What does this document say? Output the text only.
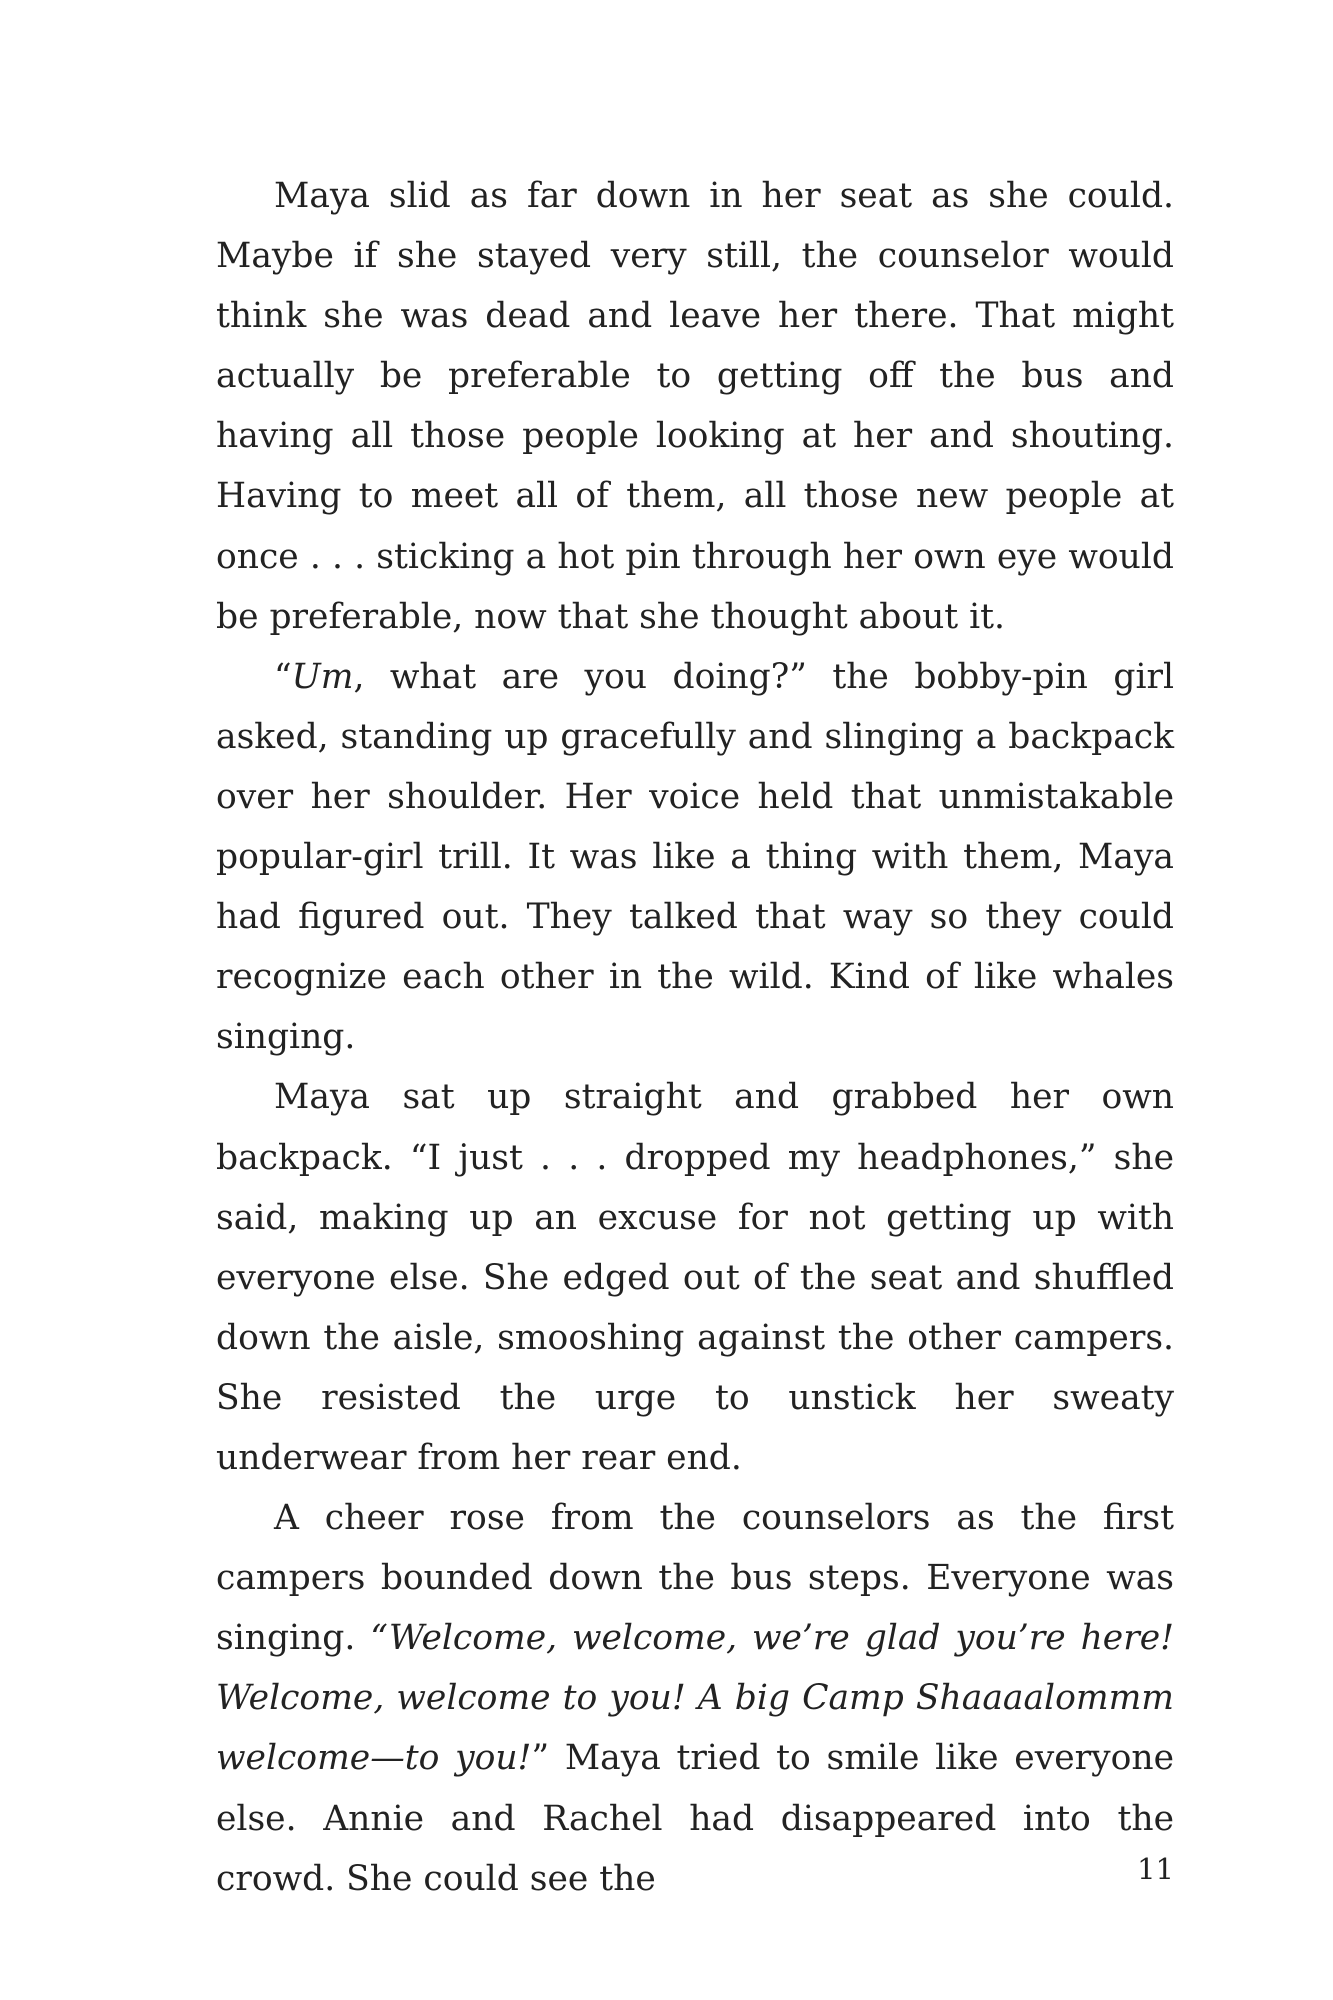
Maya slid as far down in her seat as she could. Maybe if she stayed very still, the counselor would think she was dead and leave her there. That might actually be preferable to getting off the bus and having all those people looking at her and shouting. Having to meet all of them, all those new people at once . . . sticking a hot pin through her own eye would be preferable, now that she thought about it.

“Um, what are you doing?” the bobby-pin girl asked, standing up gracefully and slinging a backpack over her shoulder. Her voice held that unmistakable popular-girl trill. It was like a thing with them, Maya had figured out. They talked that way so they could recognize each other in the wild. Kind of like whales singing.

Maya sat up straight and grabbed her own backpack. “I just . . . dropped my headphones,” she said, making up an excuse for not getting up with everyone else. She edged out of the seat and shuffled down the aisle, smooshing against the other campers. She resisted the urge to unstick her sweaty underwear from her rear end.

A cheer rose from the counselors as the first campers bounded down the bus steps. Everyone was singing. “Welcome, welcome, we’re glad you’re here! Welcome, welcome to you! A big Camp Shaaaalommm welcome—to you!” Maya tried to smile like everyone else. Annie and Rachel had disappeared into the crowd. She could see the	11
